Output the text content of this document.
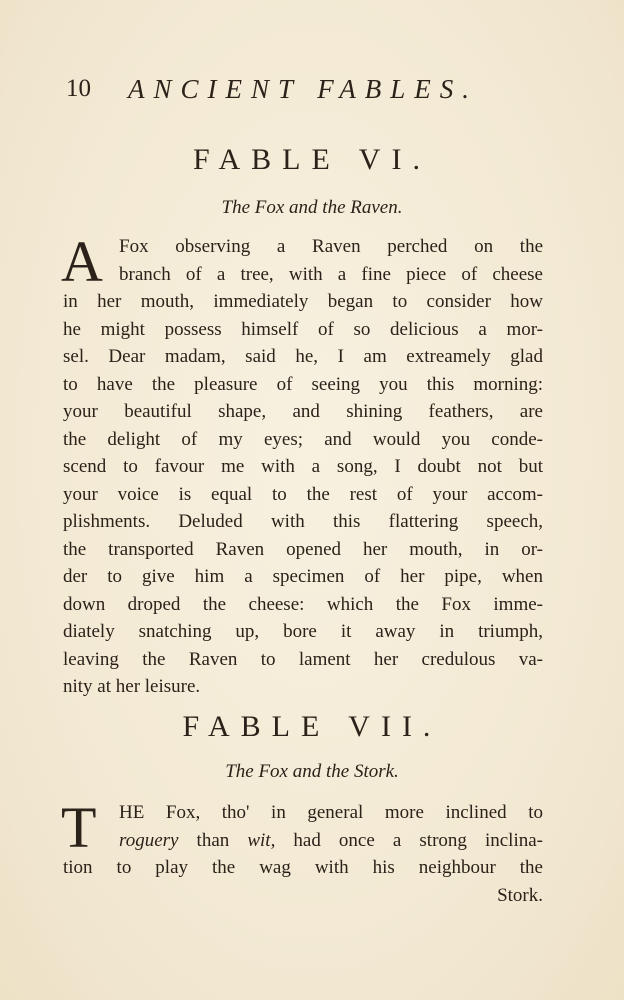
10 ANCIENT FABLES.
FABLE VI.
The Fox and the Raven.
A Fox observing a Raven perched on the
branch of a tree, with a fine piece of cheese
in her mouth, immediately began to consider how
he might possess himself of so delicious a mor-
sel. Dear madam, said he, I am extreamely glad
to have the pleasure of seeing you this morning:
your beautiful shape, and shining feathers, are
the delight of my eyes; and would you conde-
scend to favour me with a song, I doubt not but
your voice is equal to the rest of your accom-
plishments. Deluded with this flattering speech,
the transported Raven opened her mouth, in or-
der to give him a specimen of her pipe, when
down droped the cheese: which the Fox imme-
diately snatching up, bore it away in triumph,
leaving the Raven to lament her credulous va-
nity at her leisure.
FABLE VII.
The Fox and the Stork.
T	HE Fox, tho' in general more inclined to
roguery than wit, had once a strong inclina-
tion to play the wag with his neighbour the
Stork.
